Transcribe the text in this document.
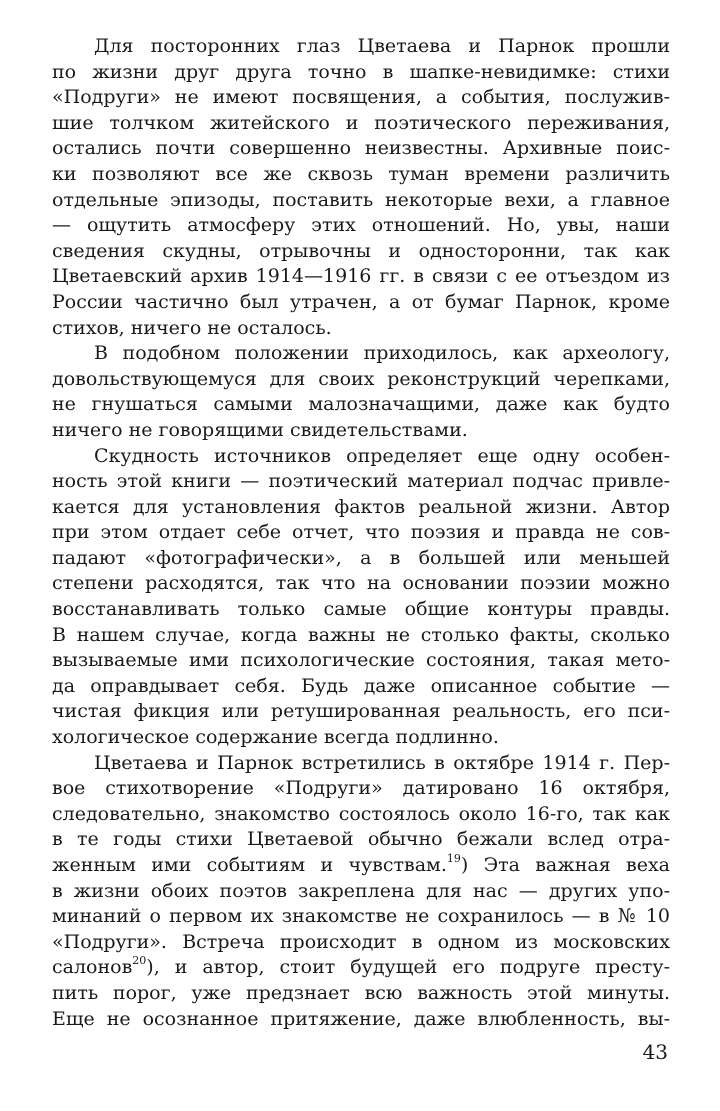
Для посторонних глаз Цветаева и Парнок прошли
по жизни друг друга точно в шапке-невидимке: стихи
«Подруги» не имеют посвящения, а события, послужив-
шие толчком житейского и поэтического переживания,
остались почти совершенно неизвестны. Архивные поис-
ки позволяют все же сквозь туман времени различить
отдельные эпизоды, поставить некоторые вехи, а главное
— ощутить атмосферу этих отношений. Но, увы, наши
сведения скудны, отрывочны и односторонни, так как
Цветаевский архив 1914—1916 гг. в связи с ее отъездом из
России частично был утрачен, а от бумаг Парнок, кроме
стихов, ничего не осталось.

В подобном положении приходилось, как археологу,
довольствующемуся для своих реконструкций черепками,
не гнушаться самыми малозначащими, даже как будто
ничего не говорящими свидетельствами.

Скудность источников определяет еще одну особен-
ность этой книги — поэтический материал подчас привле-
кается для установления фактов реальной жизни. Автор
при этом отдает себе отчет, что поэзия и правда не сов-
падают «фотографически», а в большей или меньшей
степени расходятся, так что на основании поэзии можно
восстанавливать только самые общие контуры правды.
В нашем случае, когда важны не столько факты, сколько
вызываемые ими психологические состояния, такая мето-
да оправдывает себя. Будь даже описанное событие —
чистая фикция или ретушированная реальность, его пси-
хологическое содержание всегда подлинно.

Цветаева и Парнок встретились в октябре 1914 г. Пер-
вое стихотворение «Подруги» датировано 16 октября,
следовательно, знакомство состоялось около 16-го, так как
в те годы стихи Цветаевой обычно бежали вслед отра-
женным ими событиям и чувствам.$^{19}$) Эта важная веха
в жизни обоих поэтов закреплена для нас — других упо-
минаний о первом их знакомстве не сохранилось — в № 10
«Подруги». Встреча происходит в одном из московских
салонов$^{20}$), и автор, стоит будущей его подруге престу-
пить порог, уже предзнает всю важность этой минуты.
Еще не осознанное притяжение, даже влюбленность, вы-

43
